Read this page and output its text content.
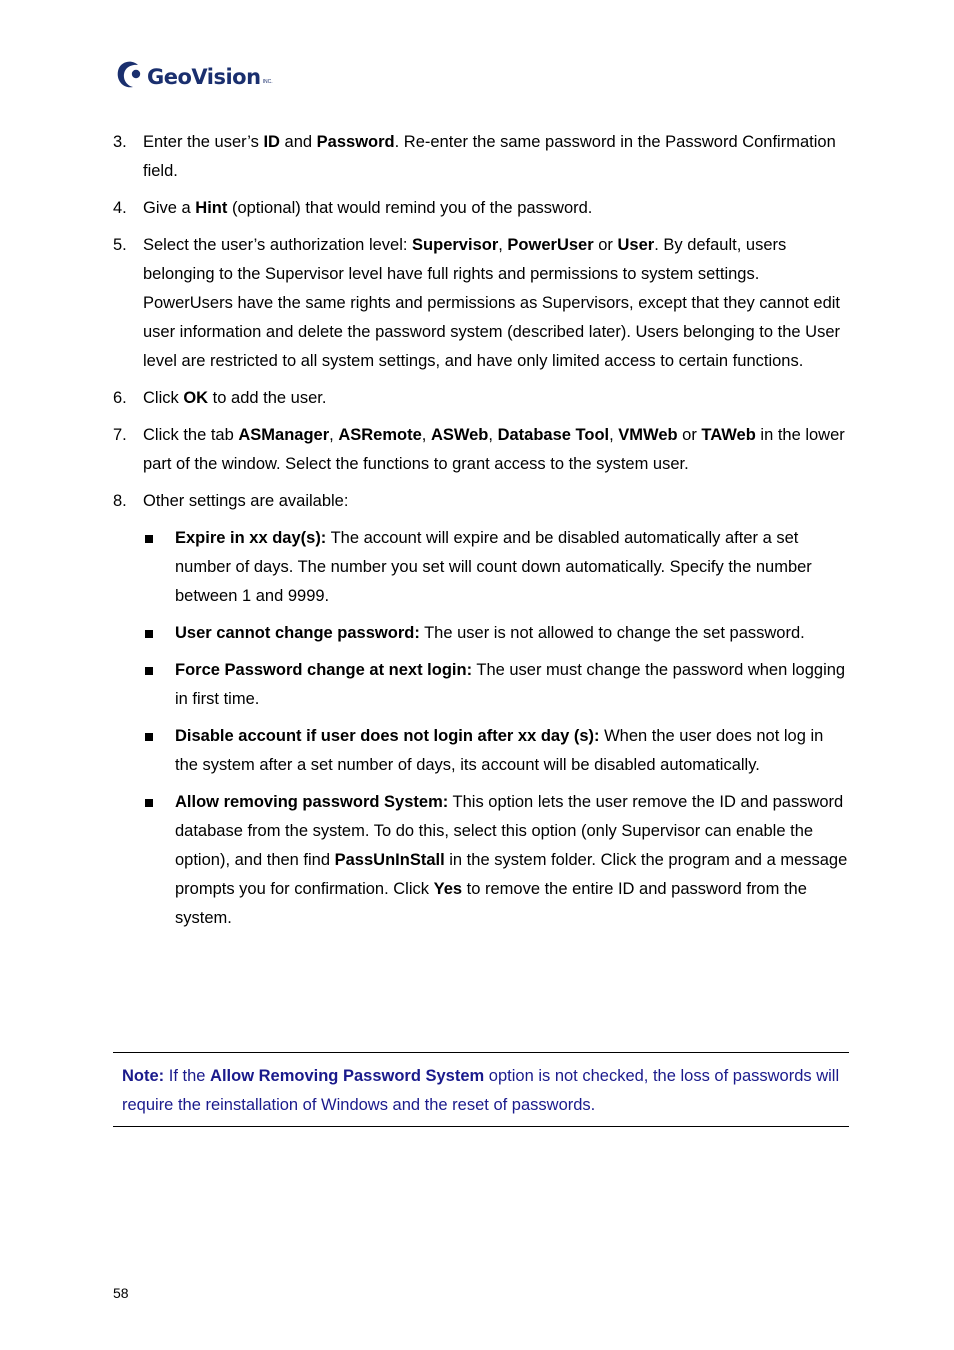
GeoVision INC.
3. Enter the user’s ID and Password. Re-enter the same password in the Password Confirmation field.
4. Give a Hint (optional) that would remind you of the password.
5. Select the user’s authorization level: Supervisor, PowerUser or User. By default, users belonging to the Supervisor level have full rights and permissions to system settings. PowerUsers have the same rights and permissions as Supervisors, except that they cannot edit user information and delete the password system (described later). Users belonging to the User level are restricted to all system settings, and have only limited access to certain functions.
6. Click OK to add the user.
7. Click the tab ASManager, ASRemote, ASWeb, Database Tool, VMWeb or TAWeb in the lower part of the window. Select the functions to grant access to the system user.
8. Other settings are available:
Expire in xx day(s): The account will expire and be disabled automatically after a set number of days. The number you set will count down automatically. Specify the number between 1 and 9999.
User cannot change password: The user is not allowed to change the set password.
Force Password change at next login: The user must change the password when logging in first time.
Disable account if user does not login after xx day (s): When the user does not log in the system after a set number of days, its account will be disabled automatically.
Allow removing password System: This option lets the user remove the ID and password database from the system. To do this, select this option (only Supervisor can enable the option), and then find PassUnInStall in the system folder. Click the program and a message prompts you for confirmation. Click Yes to remove the entire ID and password from the system.
Note: If the Allow Removing Password System option is not checked, the loss of passwords will require the reinstallation of Windows and the reset of passwords.
58
